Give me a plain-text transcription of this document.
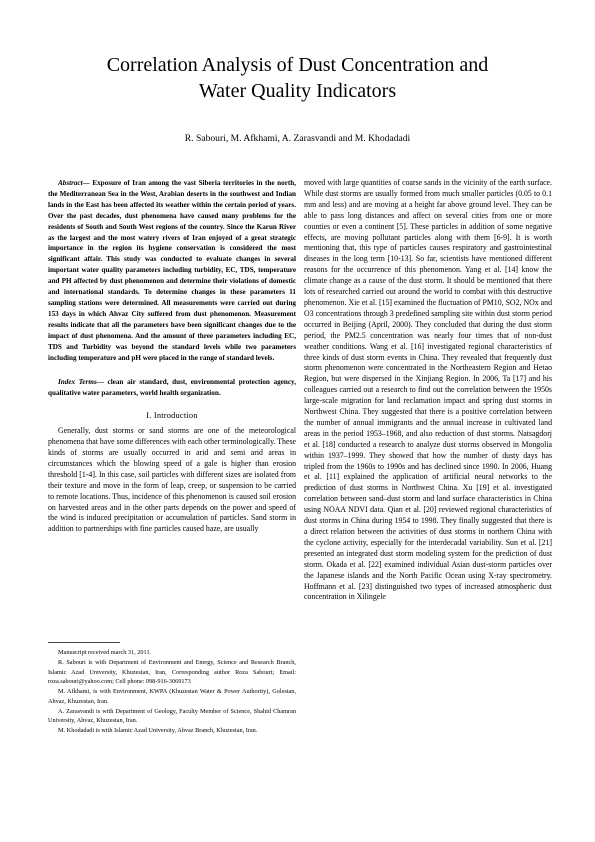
Correlation Analysis of Dust Concentration and
Water Quality Indicators
R. Sabouri, M. Afkhami, A. Zarasvandi and M. Khodadadi

Abstract— Exposure of Iran among the vast Siberia territories in the north, the Mediterranean Sea in the West, Arabian deserts in the southwest and Indian lands in the East has been affected its weather within the certain period of years. Over the past decades, dust phenomena have caused many problems for the residents of South and South West regions of the country. Since the Karun River as the largest and the most watery rivers of Iran enjoyed of a great strategic importance in the region its hygiene conservation is considered the most significant affair. This study was conducted to evaluate changes in several important water quality parameters including turbidity, EC, TDS, temperature and PH affected by dust phenomenon and determine their violations of domestic and international standards. To determine changes in these parameters 11 sampling stations were determined. All measurements were carried out during 153 days in which Ahvaz City suffered from dust phenomenon. Measurement results indicate that all the parameters have been significant changes due to the impact of dust phenomena. And the amount of three parameters including EC, TDS and Turbidity was beyond the standard levels while two parameters including temperature and pH were placed in the range of standard levels.

Index Terms— clean air standard, dust, environmental protection agency, qualitative water parameters, world health organization.

I. Introduction

Generally, dust storms or sand storms are one of the meteorological phenomena that have some differences with each other terminologically. These kinds of storms are usually occurred in arid and semi arid areas in circumstances which the blowing speed of a gale is higher than erosion threshold [1-4]. In this case, soil particles with different sizes are isolated from their texture and move in the form of leap, creep, or suspension to be carried to remote locations. Thus, incidence of this phenomenon is caused soil erosion on harvested areas and in the other parts depends on the power and speed of the wind is induced precipitation or accumulation of particles. Sand storm in addition to partnerships with fine particles caused haze, are usually

Manuscript received march 31, 2011.

R. Sabouri is with Department of Environment and Energy, Science and Research Branch, Islamic Azad University, Khuzestan, Iran, Corresponding author Roza Sabouri; Email: roza.sabouri@yahoo.com; Cell phone: 098-916-3069173

M. Afkhami, is with Environment, KWPA (Khuzestan Water & Power Authority), Golestan, Ahvaz, Khuzestan, Iran.

A. Zarasvandi is with Department of Geology, Faculty Member of Science, Shahid Chamran University, Ahvaz, Khuzestan, Iran.

M. Khodadadi is with Islamic Azad University, Ahvaz Branch, Khuzestan, Iran.

moved with large quantities of coarse sands in the vicinity of the earth surface. While dust storms are usually formed from much smaller particles (0.05 to 0.1 mm and less) and are moving at a height far above ground level. They can be able to pass long distances and affect on several cities from one or more counties or even a continent [5]. These particles in addition of some negative effects, are moving pollutant particles along with them [6-9]. It is worth mentioning that, this type of particles causes respiratory and gastrointestinal diseases in the long term [10-13]. So far, scientists have mentioned different reasons for the occurrence of this phenomenon. Yang et al. [14] know the climate change as a cause of the dust storm. It should be mentioned that there lots of researched carried out around the world to combat with this destructive phenomenon. Xie et al. [15] examined the fluctuation of PM10, SO2, NOx and O3 concentrations through 3 predefined sampling site within dust storm period occurred in Beijing (April, 2000). They concluded that during the dust storm period, the PM2.5 concentration was nearly four times that of non-dust weather conditions. Wang et al. [16] investigated regional characteristics of three kinds of dust storm events in China. They revealed that frequently dust storm phenomenon were concentrated in the Northeastern Region and Hetao Region, but were dispersed in the Xinjiang Region. In 2006, Ta [17] and his colleagues carried out a research to find out the correlation between the 1950s large-scale migration for land reclamation impact and spring dust storms in Northwest China. They suggested that there is a positive correlation between the number of annual immigrants and the annual increase in cultivated land areas in the period 1953–1968, and also reduction of dust storms. Natsagdorj et al. [18] conducted a research to analyze dust storms observed in Mongolia within 1937–1999. They showed that how the number of dusty days has tripled from the 1960s to 1990s and has declined since 1990. In 2006, Huang et al. [11] explained the application of artificial neural networks to the prediction of dust storms in Northwest China. Xu [19] et al. investigated correlation between sand–dust storm and land surface characteristics in China using NOAA NDVI data. Qian et al. [20] reviewed regional characteristics of dust storms in China during 1954 to 1998. They finally suggested that there is a direct relation between the activities of dust storms in northern China with the cyclone activity, especially for the interdecadal variability. Sun et al. [21] presented an integrated dust storm modeling system for the prediction of dust storm. Okada et al. [22] examined individual Asian dust-storm particles over the Japanese islands and the North Pacific Ocean using X-ray spectrometry. Hoffmann et al. [23] distinguished two types of increased atmospheric dust concentration in Xilingele
